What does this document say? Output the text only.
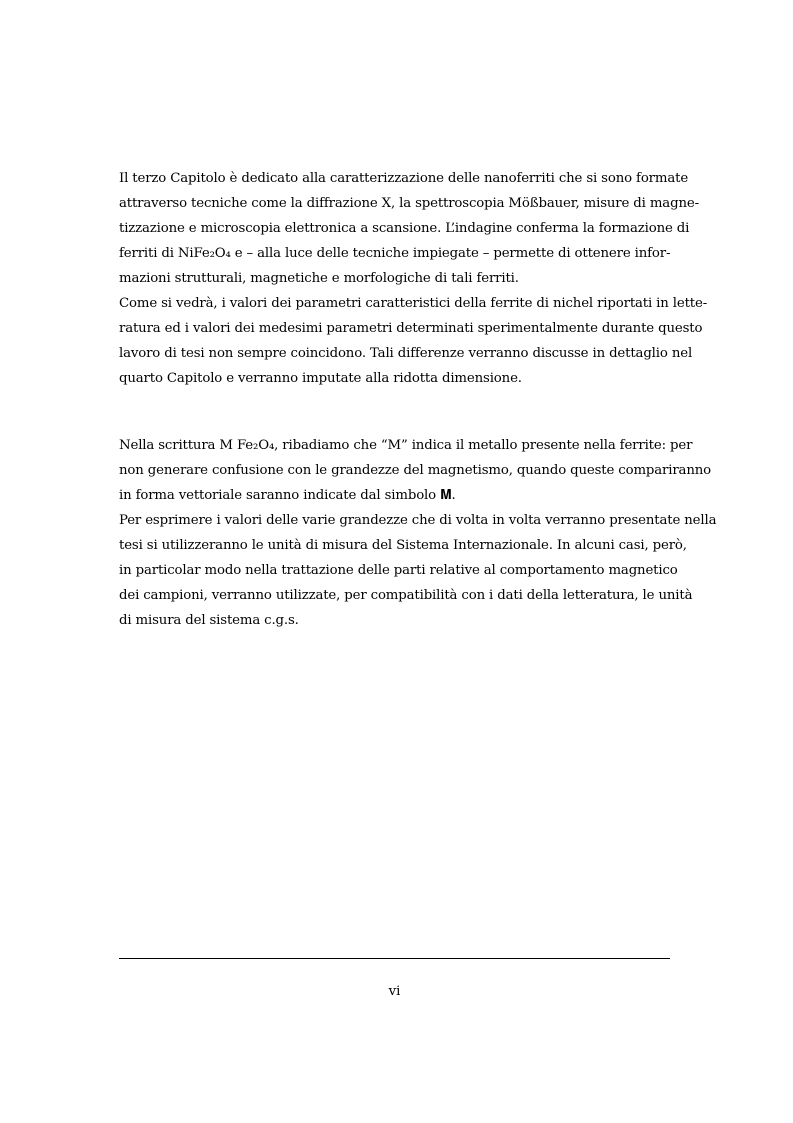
Il terzo Capitolo è dedicato alla caratterizzazione delle nanoferriti che si sono formate
attraverso tecniche come la diffrazione X, la spettroscopia Mößbauer, misure di magne-
tizzazione e microscopia elettronica a scansione. L’indagine conferma la formazione di
ferriti di NiFe₂O₄ e – alla luce delle tecniche impiegate – permette di ottenere infor-
mazioni strutturali, magnetiche e morfologiche di tali ferriti.
Come si vedrà, i valori dei parametri caratteristici della ferrite di nichel riportati in lette-
ratura ed i valori dei medesimi parametri determinati sperimentalmente durante questo
lavoro di tesi non sempre coincidono. Tali differenze verranno discusse in dettaglio nel
quarto Capitolo e verranno imputate alla ridotta dimensione.
Nella scrittura M Fe₂O₄, ribadiamo che “M” indica il metallo presente nella ferrite: per
non generare confusione con le grandezze del magnetismo, quando queste compariranno
in forma vettoriale saranno indicate dal simbolo 𝐌.
Per esprimere i valori delle varie grandezze che di volta in volta verranno presentate nella
tesi si utilizzeranno le unità di misura del Sistema Internazionale. In alcuni casi, però,
in particolar modo nella trattazione delle parti relative al comportamento magnetico
dei campioni, verranno utilizzate, per compatibilità con i dati della letteratura, le unità
di misura del sistema c.g.s.
vi
